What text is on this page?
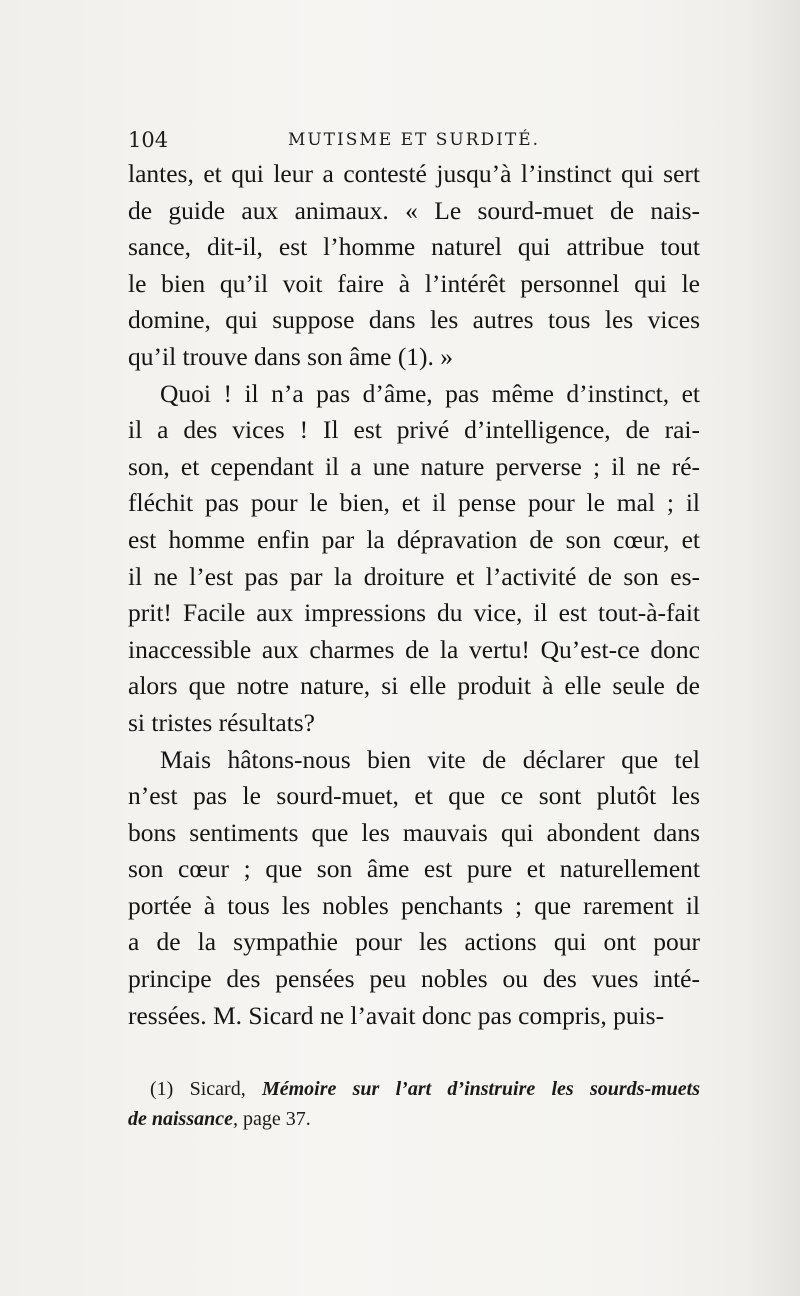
104	MUTISME ET SURDITÉ.
lantes, et qui leur a contesté jusqu’à l’instinct qui sert
de guide aux animaux. « Le sourd-muet de nais-
sance, dit-il, est l’homme naturel qui attribue tout
le bien qu’il voit faire à l’intérêt personnel qui le
domine, qui suppose dans les autres tous les vices
qu’il trouve dans son âme (1). »
Quoi ! il n’a pas d’âme, pas même d’instinct, et
il a des vices ! Il est privé d’intelligence, de rai-
son, et cependant il a une nature perverse ; il ne ré-
fléchit pas pour le bien, et il pense pour le mal ; il
est homme enfin par la dépravation de son cœur, et
il ne l’est pas par la droiture et l’activité de son es-
prit! Facile aux impressions du vice, il est tout-à-fait
inaccessible aux charmes de la vertu! Qu’est-ce donc
alors que notre nature, si elle produit à elle seule de
si tristes résultats?
Mais hâtons-nous bien vite de déclarer que tel
n’est pas le sourd-muet, et que ce sont plutôt les
bons sentiments que les mauvais qui abondent dans
son cœur ; que son âme est pure et naturellement
portée à tous les nobles penchants ; que rarement il
a de la sympathie pour les actions qui ont pour
principe des pensées peu nobles ou des vues inté-
ressées. M. Sicard ne l’avait donc pas compris, puis-
(1) Sicard, Mémoire sur l’art d’instruire les sourds-muets
de naissance, page 37.
